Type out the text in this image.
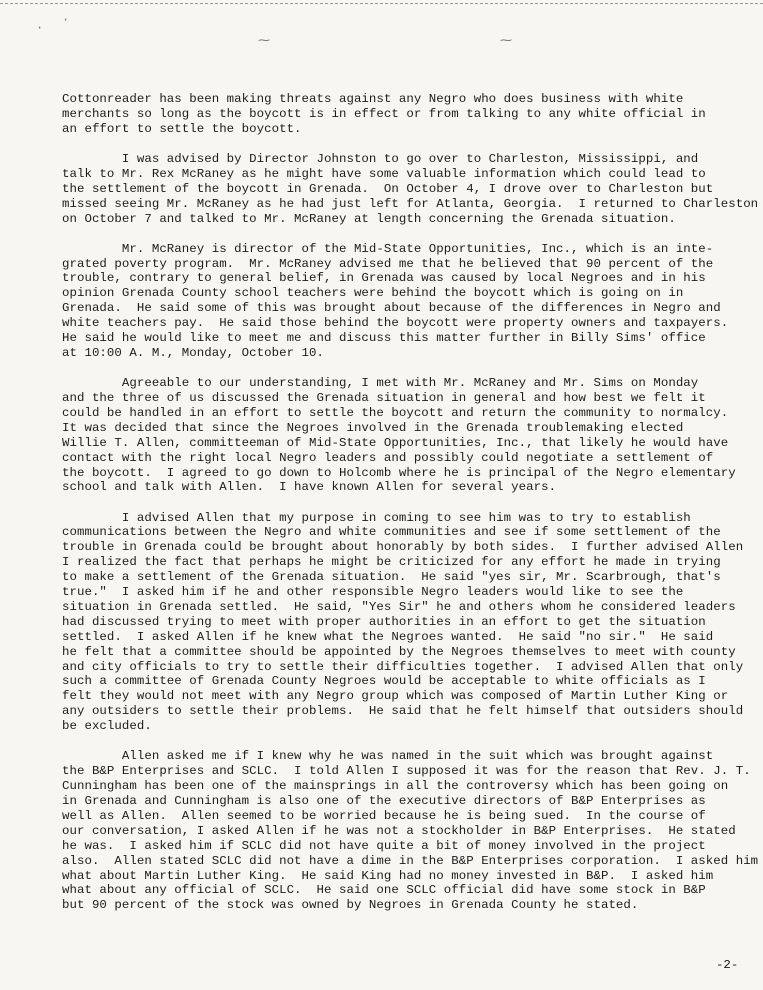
·
·
⁓	⁓
Cottonreader has been making threats against any Negro who does business with white
merchants so long as the boycott is in effect or from talking to any white official in
an effort to settle the boycott.
I was advised by Director Johnston to go over to Charleston, Mississippi, and
talk to Mr. Rex McRaney as he might have some valuable information which could lead to
the settlement of the boycott in Grenada.  On October 4, I drove over to Charleston but
missed seeing Mr. McRaney as he had just left for Atlanta, Georgia.  I returned to Charleston
on October 7 and talked to Mr. McRaney at length concerning the Grenada situation.
Mr. McRaney is director of the Mid-State Opportunities, Inc., which is an inte-
grated poverty program.  Mr. McRaney advised me that he believed that 90 percent of the
trouble, contrary to general belief, in Grenada was caused by local Negroes and in his
opinion Grenada County school teachers were behind the boycott which is going on in
Grenada.  He said some of this was brought about because of the differences in Negro and
white teachers pay.  He said those behind the boycott were property owners and taxpayers.
He said he would like to meet me and discuss this matter further in Billy Sims' office
at 10:00 A. M., Monday, October 10.
Agreeable to our understanding, I met with Mr. McRaney and Mr. Sims on Monday
and the three of us discussed the Grenada situation in general and how best we felt it
could be handled in an effort to settle the boycott and return the community to normalcy.
It was decided that since the Negroes involved in the Grenada troublemaking elected
Willie T. Allen, committeeman of Mid-State Opportunities, Inc., that likely he would have
contact with the right local Negro leaders and possibly could negotiate a settlement of
the boycott.  I agreed to go down to Holcomb where he is principal of the Negro elementary
school and talk with Allen.  I have known Allen for several years.
I advised Allen that my purpose in coming to see him was to try to establish
communications between the Negro and white communities and see if some settlement of the
trouble in Grenada could be brought about honorably by both sides.  I further advised Allen
I realized the fact that perhaps he might be criticized for any effort he made in trying
to make a settlement of the Grenada situation.  He said "yes sir, Mr. Scarbrough, that's
true."  I asked him if he and other responsible Negro leaders would like to see the
situation in Grenada settled.  He said, "Yes Sir" he and others whom he considered leaders
had discussed trying to meet with proper authorities in an effort to get the situation
settled.  I asked Allen if he knew what the Negroes wanted.  He said "no sir."  He said
he felt that a committee should be appointed by the Negroes themselves to meet with county
and city officials to try to settle their difficulties together.  I advised Allen that only
such a committee of Grenada County Negroes would be acceptable to white officials as I
felt they would not meet with any Negro group which was composed of Martin Luther King or
any outsiders to settle their problems.  He said that he felt himself that outsiders should
be excluded.
Allen asked me if I knew why he was named in the suit which was brought against
the B&P Enterprises and SCLC.  I told Allen I supposed it was for the reason that Rev. J. T.
Cunningham has been one of the mainsprings in all the controversy which has been going on
in Grenada and Cunningham is also one of the executive directors of B&P Enterprises as
well as Allen.  Allen seemed to be worried because he is being sued.  In the course of
our conversation, I asked Allen if he was not a stockholder in B&P Enterprises.  He stated
he was.  I asked him if SCLC did not have quite a bit of money involved in the project
also.  Allen stated SCLC did not have a dime in the B&P Enterprises corporation.  I asked him
what about Martin Luther King.  He said King had no money invested in B&P.  I asked him
what about any official of SCLC.  He said one SCLC official did have some stock in B&P
but 90 percent of the stock was owned by Negroes in Grenada County he stated.
-2-
